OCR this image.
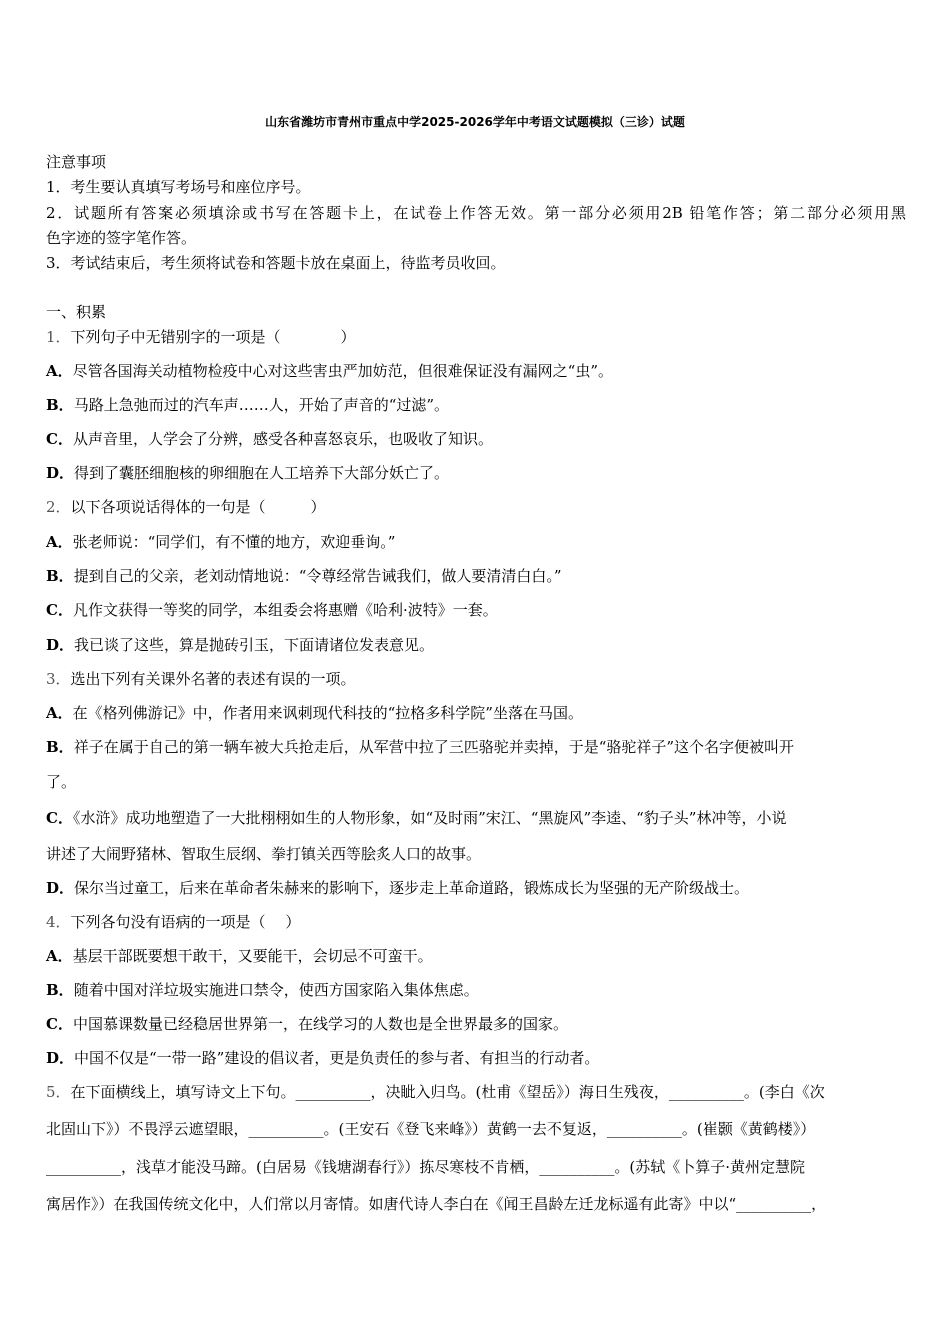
山东省潍坊市青州市重点中学2025-2026学年中考语文试题模拟（三诊）试题
注意事项
1．考生要认真填写考场号和座位序号。
2．试题所有答案必须填涂或书写在答题卡上，在试卷上作答无效。第一部分必须用2B 铅笔作答；第二部分必须用黑
色字迹的签字笔作答。
3．考试结束后，考生须将试卷和答题卡放在桌面上，待监考员收回。
一、积累
1．下列句子中无错别字的一项是（　　　　）
A．尽管各国海关动植物检疫中心对这些害虫严加妨范，但很难保证没有漏网之“虫”。
B．马路上急弛而过的汽车声……人，开始了声音的“过滤”。
C．从声音里，人学会了分辨，感受各种喜怒哀乐，也吸收了知识。
D．得到了囊胚细胞核的卵细胞在人工培养下大部分妖亡了。
2．以下各项说话得体的一句是（　　　）
A．张老师说：“同学们，有不懂的地方，欢迎垂询。”
B．提到自己的父亲，老刘动情地说：“令尊经常告诫我们，做人要清清白白。”
C．凡作文获得一等奖的同学，本组委会将惠赠《哈利·波特》一套。
D．我已谈了这些，算是抛砖引玉，下面请诸位发表意见。
3．选出下列有关课外名著的表述有误的一项。
A．在《格列佛游记》中，作者用来讽刺现代科技的“拉格多科学院”坐落在马国。
B．祥子在属于自己的第一辆车被大兵抢走后，从军营中拉了三匹骆驼并卖掉，于是“骆驼祥子”这个名字便被叫开
了。
C．《水浒》成功地塑造了一大批栩栩如生的人物形象，如“及时雨”宋江、“黑旋风”李逵、“豹子头”林冲等，小说
讲述了大闹野猪林、智取生辰纲、拳打镇关西等脍炙人口的故事。
D．保尔当过童工，后来在革命者朱赫来的影响下，逐步走上革命道路，锻炼成长为坚强的无产阶级战士。
4．下列各句没有语病的一项是（　 ）
A．基层干部既要想干敢干，又要能干，会切忌不可蛮干。
B．随着中国对洋垃圾实施进口禁令，使西方国家陷入集体焦虑。
C．中国慕课数量已经稳居世界第一，在线学习的人数也是全世界最多的国家。
D．中国不仅是“一带一路”建设的倡议者，更是负责任的参与者、有担当的行动者。
5．在下面横线上，填写诗文上下句。__________，决眦入归鸟。(杜甫《望岳》）海日生残夜，__________。(李白《次
北固山下》）不畏浮云遮望眼，__________。(王安石《登飞来峰》）黄鹤一去不复返，__________。(崔颢《黄鹤楼》）
__________，浅草才能没马蹄。(白居易《钱塘湖春行》）拣尽寒枝不肯栖，__________。(苏轼《卜算子·黄州定慧院
寓居作》）在我国传统文化中，人们常以月寄情。如唐代诗人李白在《闻王昌龄左迁龙标遥有此寄》中以“__________，
